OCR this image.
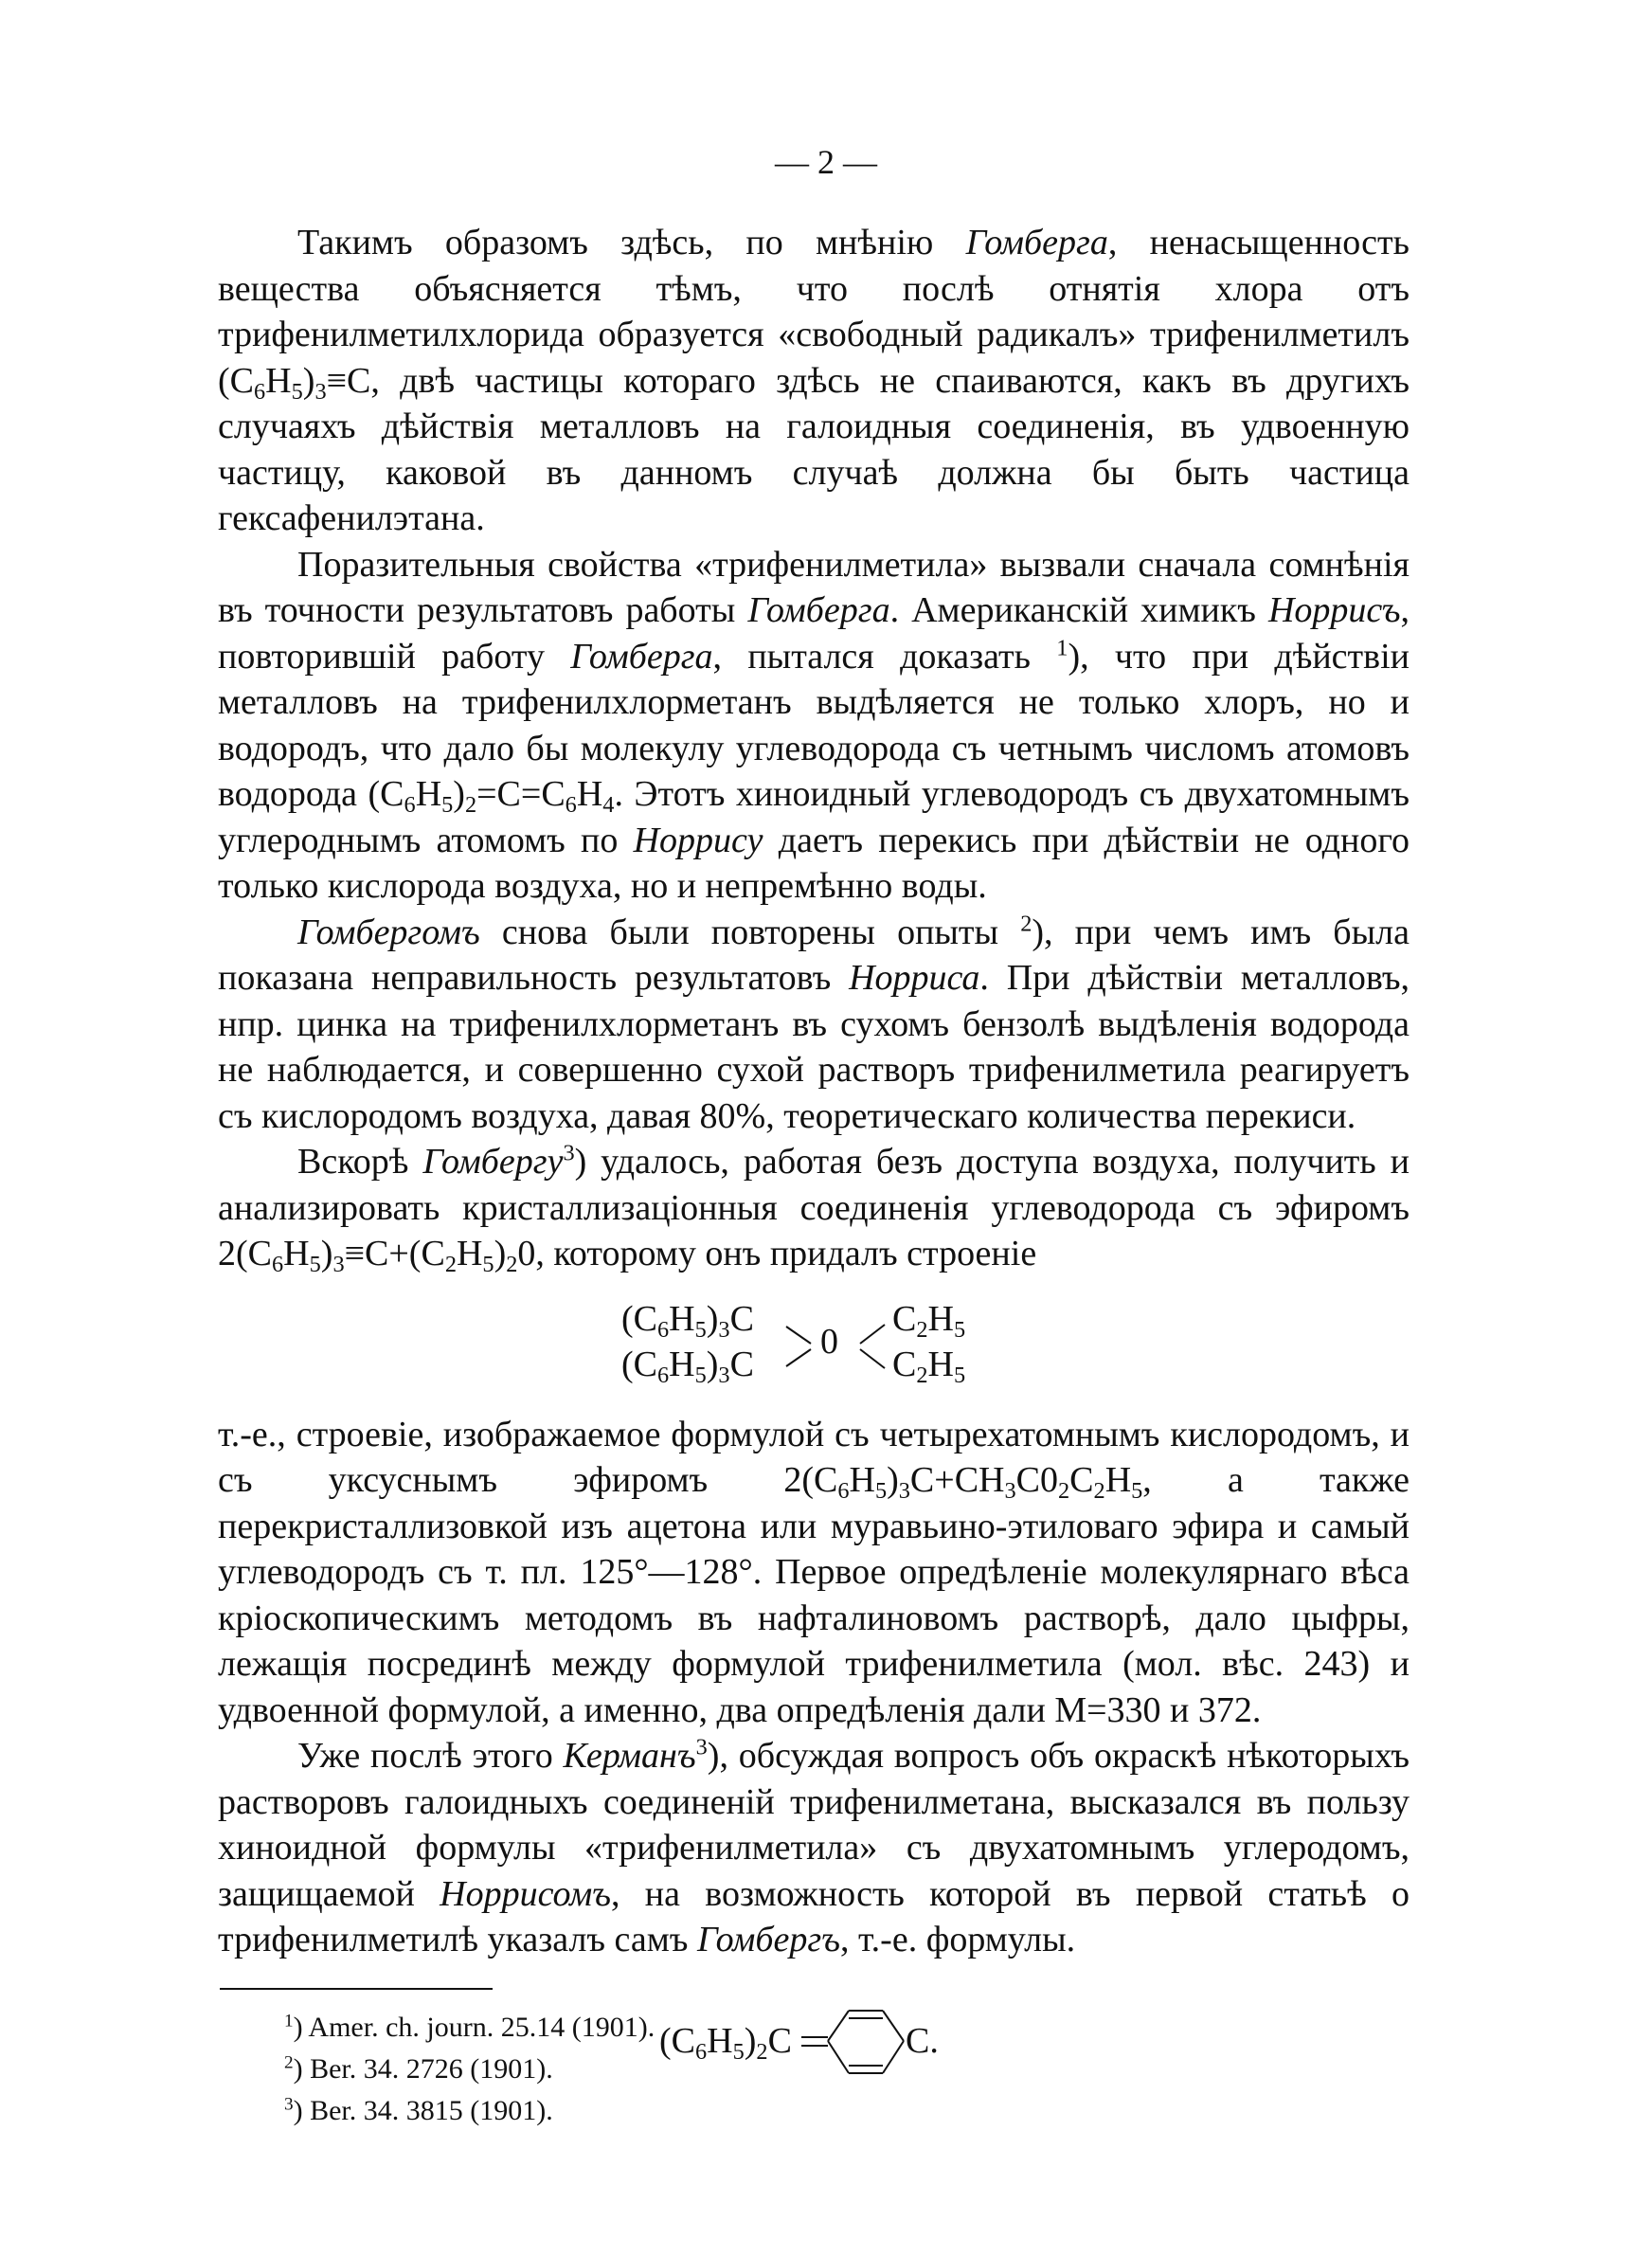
— 2 —

Такимъ образомъ здѣсь, по мнѣнію Гомберга, ненасыщенность вещества объясняется тѣмъ, что послѣ отнятія хлора отъ трифенилметилхлорида образуется «свободный радикалъ» трифенилметилъ $(C_6H_5)_3\equiv C$, двѣ частицы котораго здѣсь не спаиваются, какъ въ другихъ случаяхъ дѣйствія металловъ на галоидныя соединенія, въ удвоенную частицу, каковой въ данномъ случаѣ должна бы быть частица гексафенилэтана.

Поразительныя свойства «трифенилметила» вызвали сначала сомнѣнія въ точности результатовъ работы Гомберга. Американскій химикъ Норрисъ, повторившій работу Гомберга, пытался доказать $^1$), что при дѣйствіи металловъ на трифенилхлорметанъ выдѣляется не только хлоръ, но и водородъ, что дало бы молекулу углеводорода съ четнымъ числомъ атомовъ водорода $(C_6H_5)_2=C=C_6H_4$. Этотъ хиноидный углеводородъ съ двухатомнымъ углероднымъ атомомъ по Норрису даетъ перекись при дѣйствіи не одного только кислорода воздуха, но и непремѣнно воды.

Гомбергомъ снова были повторены опыты $^2$), при чемъ имъ была показана неправильность результатовъ Норриса. При дѣйствіи металловъ, нпр. цинка на трифенилхлорметанъ въ сухомъ бензолѣ выдѣленія водорода не наблюдается, и совершенно сухой растворъ трифенилметила реагируетъ съ кислородомъ воздуха, давая 80%, теоретическаго количества перекиси.

Вскорѣ Гомбергу$^3$) удалось, работая безъ доступа воздуха, получить и анализировать кристаллизаціонныя соединенія углеводорода съ эфиромъ $2(C_6H_5)_3\equiv C+(C_2H_5)_20$, которому онъ придалъ строеніе

$(C_6H_5)_3C$
$(C_6H_5)_3C$
0
$C_2H_5$
$C_2H_5$

т.-е., строевіе, изображаемое формулой съ четырехатомнымъ кислородомъ, и съ уксуснымъ эфиромъ $2(C_6H_5)_3C+CH_3C0_2C_2H_5$, а также перекристаллизовкой изъ ацетона или муравьино-этиловаго эфира и самый углеводородъ съ т. пл. 125°—128°. Первое опредѣленіе молекулярнаго вѣса кріоскопическимъ методомъ въ нафталиновомъ растворѣ, дало цыфры, лежащія посрединѣ между формулой трифенилметила (мол. вѣс. 243) и удвоенной формулой, а именно, два опредѣленія дали M=330 и 372.

Уже послѣ этого Керманъ$^3$), обсуждая вопросъ объ окраскѣ нѣкоторыхъ растворовъ галоидныхъ соединеній трифенилметана, высказался въ пользу хиноидной формулы «трифенилметила» съ двухатомнымъ углеродомъ, защищаемой Норрисомъ, на возможность которой въ первой статьѣ о трифенилметилѣ указалъ самъ Гомбергъ, т.-е. формулы.

$(C_6H_5)_2C$	C.
$^1$) Amer. ch. journ. 25.14 (1901).
$^2$) Ber. 34. 2726 (1901).
$^3$) Ber. 34. 3815 (1901).
